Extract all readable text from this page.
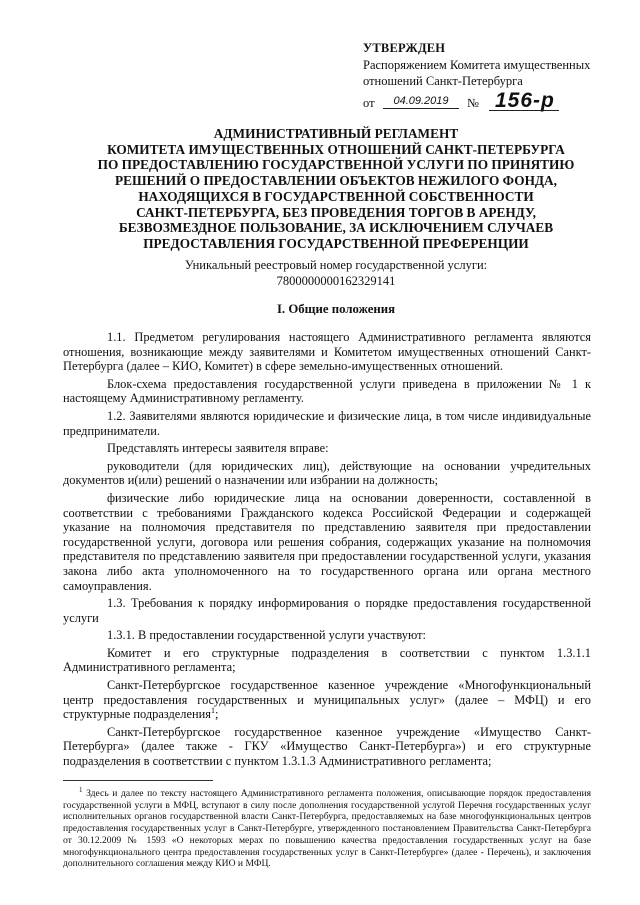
УТВЕРЖДЕН
Распоряжением Комитета имущественных
отношений Санкт-Петербурга
от	04.09.2019	№ 156-р
АДМИНИСТРАТИВНЫЙ РЕГЛАМЕНТ
КОМИТЕТА ИМУЩЕСТВЕННЫХ ОТНОШЕНИЙ САНКТ-ПЕТЕРБУРГА
ПО ПРЕДОСТАВЛЕНИЮ ГОСУДАРСТВЕННОЙ УСЛУГИ ПО ПРИНЯТИЮ
РЕШЕНИЙ О ПРЕДОСТАВЛЕНИИ ОБЪЕКТОВ НЕЖИЛОГО ФОНДА,
НАХОДЯЩИХСЯ В ГОСУДАРСТВЕННОЙ СОБСТВЕННОСТИ
САНКТ-ПЕТЕРБУРГА, БЕЗ ПРОВЕДЕНИЯ ТОРГОВ В АРЕНДУ,
БЕЗВОЗМЕЗДНОЕ ПОЛЬЗОВАНИЕ, ЗА ИСКЛЮЧЕНИЕМ СЛУЧАЕВ
ПРЕДОСТАВЛЕНИЯ ГОСУДАРСТВЕННОЙ ПРЕФЕРЕНЦИИ
Уникальный реестровый номер государственной услуги:
7800000000162329141
I. Общие положения

1.1. Предметом регулирования настоящего Административного регламента являются отношения, возникающие между заявителями и Комитетом имущественных отношений Санкт-Петербурга (далее – КИО, Комитет) в сфере земельно-имущественных отношений.

Блок-схема предоставления государственной услуги приведена в приложении № 1 к настоящему Административному регламенту.

1.2. Заявителями являются юридические и физические лица, в том числе индивидуальные предприниматели.

Представлять интересы заявителя вправе:

руководители (для юридических лиц), действующие на основании учредительных документов и(или) решений о назначении или избрании на должность;

физические либо юридические лица на основании доверенности, составленной в соответствии с требованиями Гражданского кодекса Российской Федерации и содержащей указание на полномочия представителя по представлению заявителя при предоставлении государственной услуги, договора или решения собрания, содержащих указание на полномочия представителя по представлению заявителя при предоставлении государственной услуги, указания закона либо акта уполномоченного на то государственного органа или органа местного самоуправления.

1.3. Требования к порядку информирования о порядке предоставления государственной услуги

1.3.1. В предоставлении государственной услуги участвуют:

Комитет и его структурные подразделения в соответствии с пунктом 1.3.1.1 Административного регламента;

Санкт-Петербургское государственное казенное учреждение «Многофункциональный центр предоставления государственных и муниципальных услуг» (далее – МФЦ) и его структурные подразделения$^1$;

Санкт-Петербургское государственное казенное учреждение «Имущество Санкт-Петербурга» (далее также - ГКУ «Имущество Санкт-Петербурга») и его структурные подразделения в соответствии с пунктом 1.3.1.3 Административного регламента;

$^1$ Здесь и далее по тексту настоящего Административного регламента положения, описывающие порядок предоставления государственной услуги в МФЦ, вступают в силу после дополнения государственной услугой Перечня государственных услуг исполнительных органов государственной власти Санкт-Петербурга, предоставляемых на базе многофункциональных центров предоставления государственных услуг в Санкт-Петербурге, утвержденного постановлением Правительства Санкт-Петербурга от 30.12.2009 № 1593 «О некоторых мерах по повышению качества предоставления государственных услуг на базе многофункционального центра предоставления государственных услуг в Санкт-Петербурге» (далее - Перечень), и заключения дополнительного соглашения между КИО и МФЦ.
